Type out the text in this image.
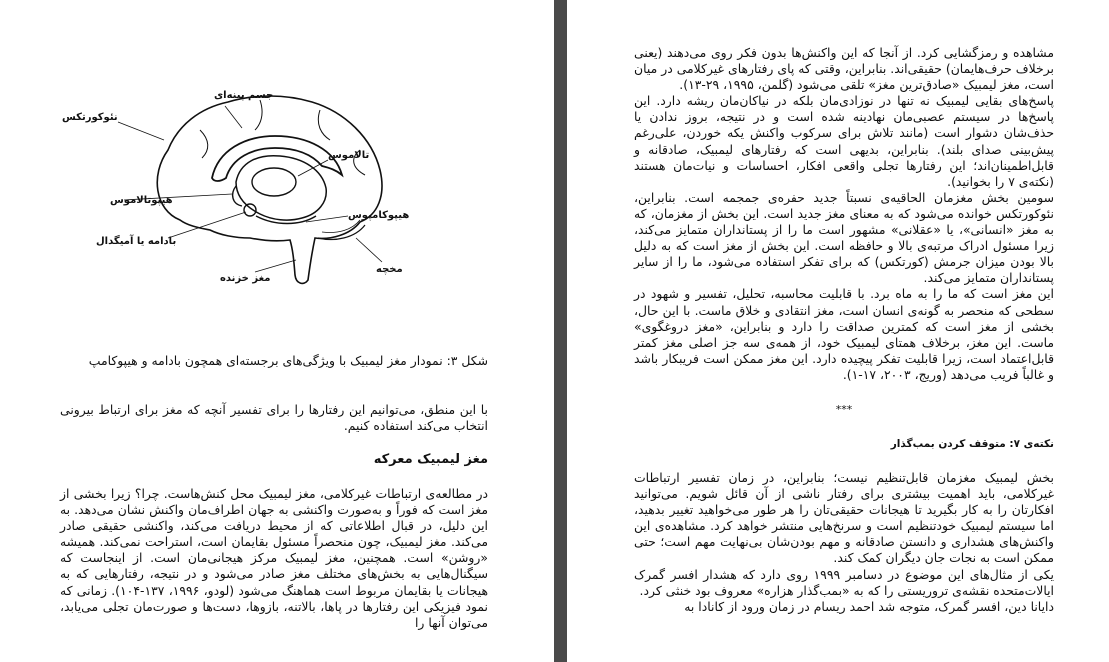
نئوکورتکس
جسم پینه‌ای
تالاموس
هیپوتالاموس
هیپوکامپوس
بادامه یا آمیگدال
مغز خزنده
مخچه
شکل ۳: نمودار مغز لیمبیک با ویژگی‌های برجسته‌ای همچون بادامه و هیپوکامپ
با این منطق، می‌توانیم این رفتارها را برای تفسیر آنچه که مغز برای ارتباط بیرونی انتخاب می‌کند استفاده کنیم.
مغز لیمبیک معرکه
در مطالعه‌ی ارتباطات غیرکلامی، مغز لیمبیک محل کنش‌هاست. چرا؟ زیرا بخشی از مغز است که فوراً و به‌صورت واکنشی به جهان اطراف‌مان واکنش نشان می‌دهد. به این دلیل، در قبال اطلاعاتی که از محیط دریافت می‌کند، واکنشی حقیقی صادر می‌کند. مغز لیمبیک، چون منحصراً مسئول بقایمان است، استراحت نمی‌کند. همیشه «روشن» است. همچنین، مغز لیمبیک مرکز هیجانی‌مان است. از اینجاست که سیگنال‌هایی به بخش‌های مختلف مغز صادر می‌شود و در نتیجه، رفتارهایی که به هیجانات یا بقایمان مربوط است هماهنگ می‌شود (لودو، ۱۹۹۶، ۱۳۷-۱۰۴). زمانی که نمود فیزیکی این رفتارها در پاها، بالاتنه، بازوها، دست‌ها و صورت‌مان تجلی می‌یابد، می‌توان آنها را

مشاهده و رمزگشایی کرد. از آنجا که این واکنش‌ها بدون فکر روی می‌دهند (یعنی برخلاف حرف‌هایمان) حقیقی‌اند. بنابراین، وقتی که پای رفتارهای غیرکلامی در میان است، مغز لیمبیک «صادق‌ترین مغز» تلقی می‌شود (گلمن، ۱۹۹۵، ۲۹-۱۳).

پاسخ‌های بقایی لیمبیک نه تنها در نوزادی‌مان بلکه در نیاکان‌مان ریشه دارد. این پاسخ‌ها در سیستم عصبی‌مان نهادینه شده است و در نتیجه، بروز ندادن یا حذف‌شان دشوار است (مانند تلاش برای سرکوب واکنش یکه خوردن، علی‌رغم پیش‌بینی صدای بلند). بنابراین، بدیهی است که رفتارهای لیمبیک، صادقانه و قابل‌اطمینان‌اند؛ این رفتارها تجلی واقعی افکار، احساسات و نیات‌مان هستند (نکته‌ی ۷ را بخوانید).

سومین بخش مغزمان الحاقیه‌ی نسبتاً جدید حفره‌ی جمجمه است. بنابراین، نئوکورتکس خوانده می‌شود که به معنای مغز جدید است. این بخش از مغزمان، که به مغز «انسانی»، یا «عقلانی» مشهور است ما را از پستانداران متمایز می‌کند، زیرا مسئول ادراک مرتبه‌ی بالا و حافظه است. این بخش از مغز است که به دلیل بالا بودن میزان جرمش (کورتکس) که برای تفکر استفاده می‌شود، ما را از سایر پستانداران متمایز می‌کند.

این مغز است که ما را به ماه برد. با قابلیت محاسبه، تحلیل، تفسیر و شهود در سطحی که منحصر به گونه‌ی انسان است، مغز انتقادی و خلاق ماست. با این حال، بخشی از مغز است که کمترین صداقت را دارد و بنابراین، «مغز دروغگوی» ماست. این مغز، برخلاف همتای لیمبیک خود، از همه‌ی سه جز اصلی مغز کمتر قابل‌اعتماد است، زیرا قابلیت تفکر پیچیده دارد. این مغز ممکن است فریبکار باشد و غالباً فریب می‌دهد (وریج، ۲۰۰۳، ۱۷-۱).

***
نکته‌ی ۷: متوقف کردن بمب‌گذار

بخش لیمبیک مغزمان قابل‌تنظیم نیست؛ بنابراین، در زمان تفسیر ارتباطات غیرکلامی، باید اهمیت بیشتری برای رفتار ناشی از آن قائل شویم. می‌توانید افکارتان را به کار بگیرید تا هیجانات حقیقی‌تان را هر طور می‌خواهید تغییر بدهید، اما سیستم لیمبیک خودتنظیم است و سرنخ‌هایی منتشر خواهد کرد. مشاهده‌ی این واکنش‌های هشداری و دانستن صادقانه و مهم بودن‌شان بی‌نهایت مهم است؛ حتی ممکن است به نجات جان دیگران کمک کند.

یکی از مثال‌های این موضوع در دسامبر ۱۹۹۹ روی دارد که هشدار افسر گمرک ایالات‌متحده نقشه‌ی تروریستی را که به «بمب‌گذار هزاره» معروف بود خنثی کرد.

دایانا دین، افسر گمرک، متوجه شد احمد ریسام در زمان ورود از کانادا به
